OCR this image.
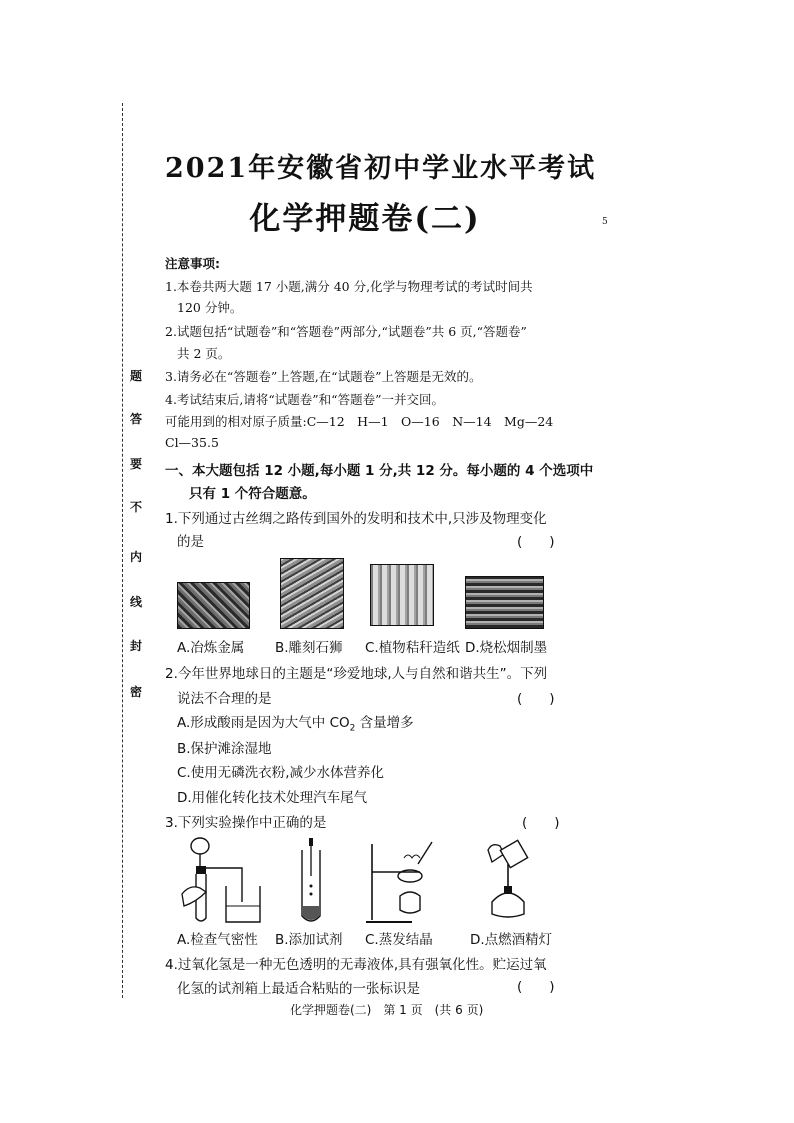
题
答
要
不
内
线
封
密
5
2021年安徽省初中学业水平考试
化学押题卷(二)
注意事项:
1.本卷共两大题 17 小题,满分 40 分,化学与物理考试的考试时间共
120 分钟。
2.试题包括“试题卷”和“答题卷”两部分,“试题卷”共 6 页,“答题卷”
共 2 页。
3.请务必在“答题卷”上答题,在“试题卷”上答题是无效的。
4.考试结束后,请将“试题卷”和“答题卷”一并交回。
可能用到的相对原子质量:C—12　H—1　O—16　N—14　Mg—24
Cl—35.5
一、本大题包括 12 小题,每小题 1 分,共 12 分。每小题的 4 个选项中
只有 1 个符合题意。
1.下列通过古丝绸之路传到国外的发明和技术中,只涉及物理变化
的是	(　　)
A.冶炼金属 B.雕刻石狮 C.植物秸秆造纸 D.烧松烟制墨
2.今年世界地球日的主题是“珍爱地球,人与自然和谐共生”。下列
说法不合理的是	(　　)
A.形成酸雨是因为大气中 $CO_2$ 含量增多
B.保护滩涂湿地
C.使用无磷洗衣粉,减少水体营养化
D.用催化转化技术处理汽车尾气
3.下列实验操作中正确的是	(　　)
A.检查气密性 B.添加试剂 C.蒸发结晶	D.点燃酒精灯
4.过氧化氢是一种无色透明的无毒液体,具有强氧化性。贮运过氧
化氢的试剂箱上最适合粘贴的一张标识是	(　　)
化学押题卷(二)　第 1 页　(共 6 页)
